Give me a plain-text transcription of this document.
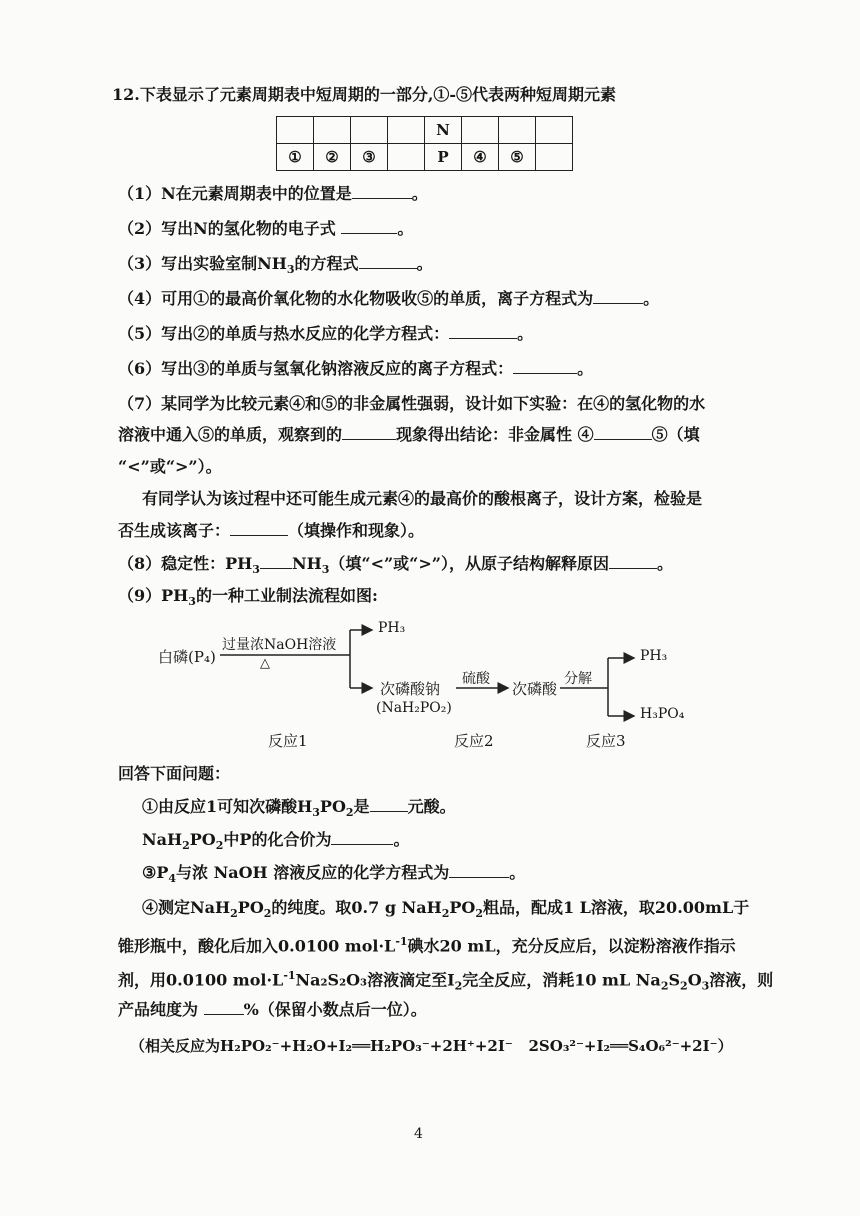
12.下表显示了元素周期表中短周期的一部分,①-⑤代表两种短周期元素
				N			
①	②	③		P	④	⑤	
（1）N在元素周期表中的位置是	。
（2）写出N的氢化物的电子式	。
（3）写出实验室制$NH_3$的方程式	。
（4）可用①的最高价氧化物的水化物吸收⑤的单质，离子方程式为	。
（5）写出②的单质与热水反应的化学方程式：	。
（6）写出③的单质与氢氧化钠溶液反应的离子方程式：	。
（7）某同学为比较元素④和⑤的非金属性强弱，设计如下实验：在④的氢化物的水
溶液中通入⑤的单质，观察到的	现象得出结论：非金属性 ④	⑤（填
“<”或“>”）。
有同学认为该过程中还可能生成元素④的最高价的酸根离子，设计方案，检验是
否生成该离子：	（填操作和现象）。
（8）稳定性：$PH_3$ $NH_3$（填“<”或“>”），从原子结构解释原因	。
$(9)PH_3$的一种工业制法流程如图:
白磷(P₄)
过量浓NaOH溶液
△
PH₃
次磷酸钠
(NaH₂PO₂)
硫酸
次磷酸
分解
PH₃
H₃PO₄
反应1	反应2	反应3
回答下面问题：
①由反应1可知次磷酸$H_3PO_2$是 元酸。
$NaH_2PO_2$中P的化合价为	。
$③P_4$与浓 NaOH 溶液反应的化学方程式为	。
④测定$NaH_2PO_2$的纯度。取0.7 g $NaH_2PO_2$粗品，配成1 L溶液，取20.00mL于
锥形瓶中，酸化后加入0.0100 $mol\cdot L^{-1}$碘水20 mL，充分反应后，以淀粉溶液作指示
剂，用0.0100 $mol\cdot L^{-1}Na_2S_2O_3$溶液滴定至$I_2$完全反应，消耗10 mL $Na_2S_2O_3$溶液，则
产品纯度为	%（保留小数点后一位）。
（相关反应为H₂PO₂⁻+H₂O+I₂══H₂PO₃⁻+2H⁺+2I⁻ 2SO₃²⁻+I₂══S₄O₆²⁻+2I⁻）
4
